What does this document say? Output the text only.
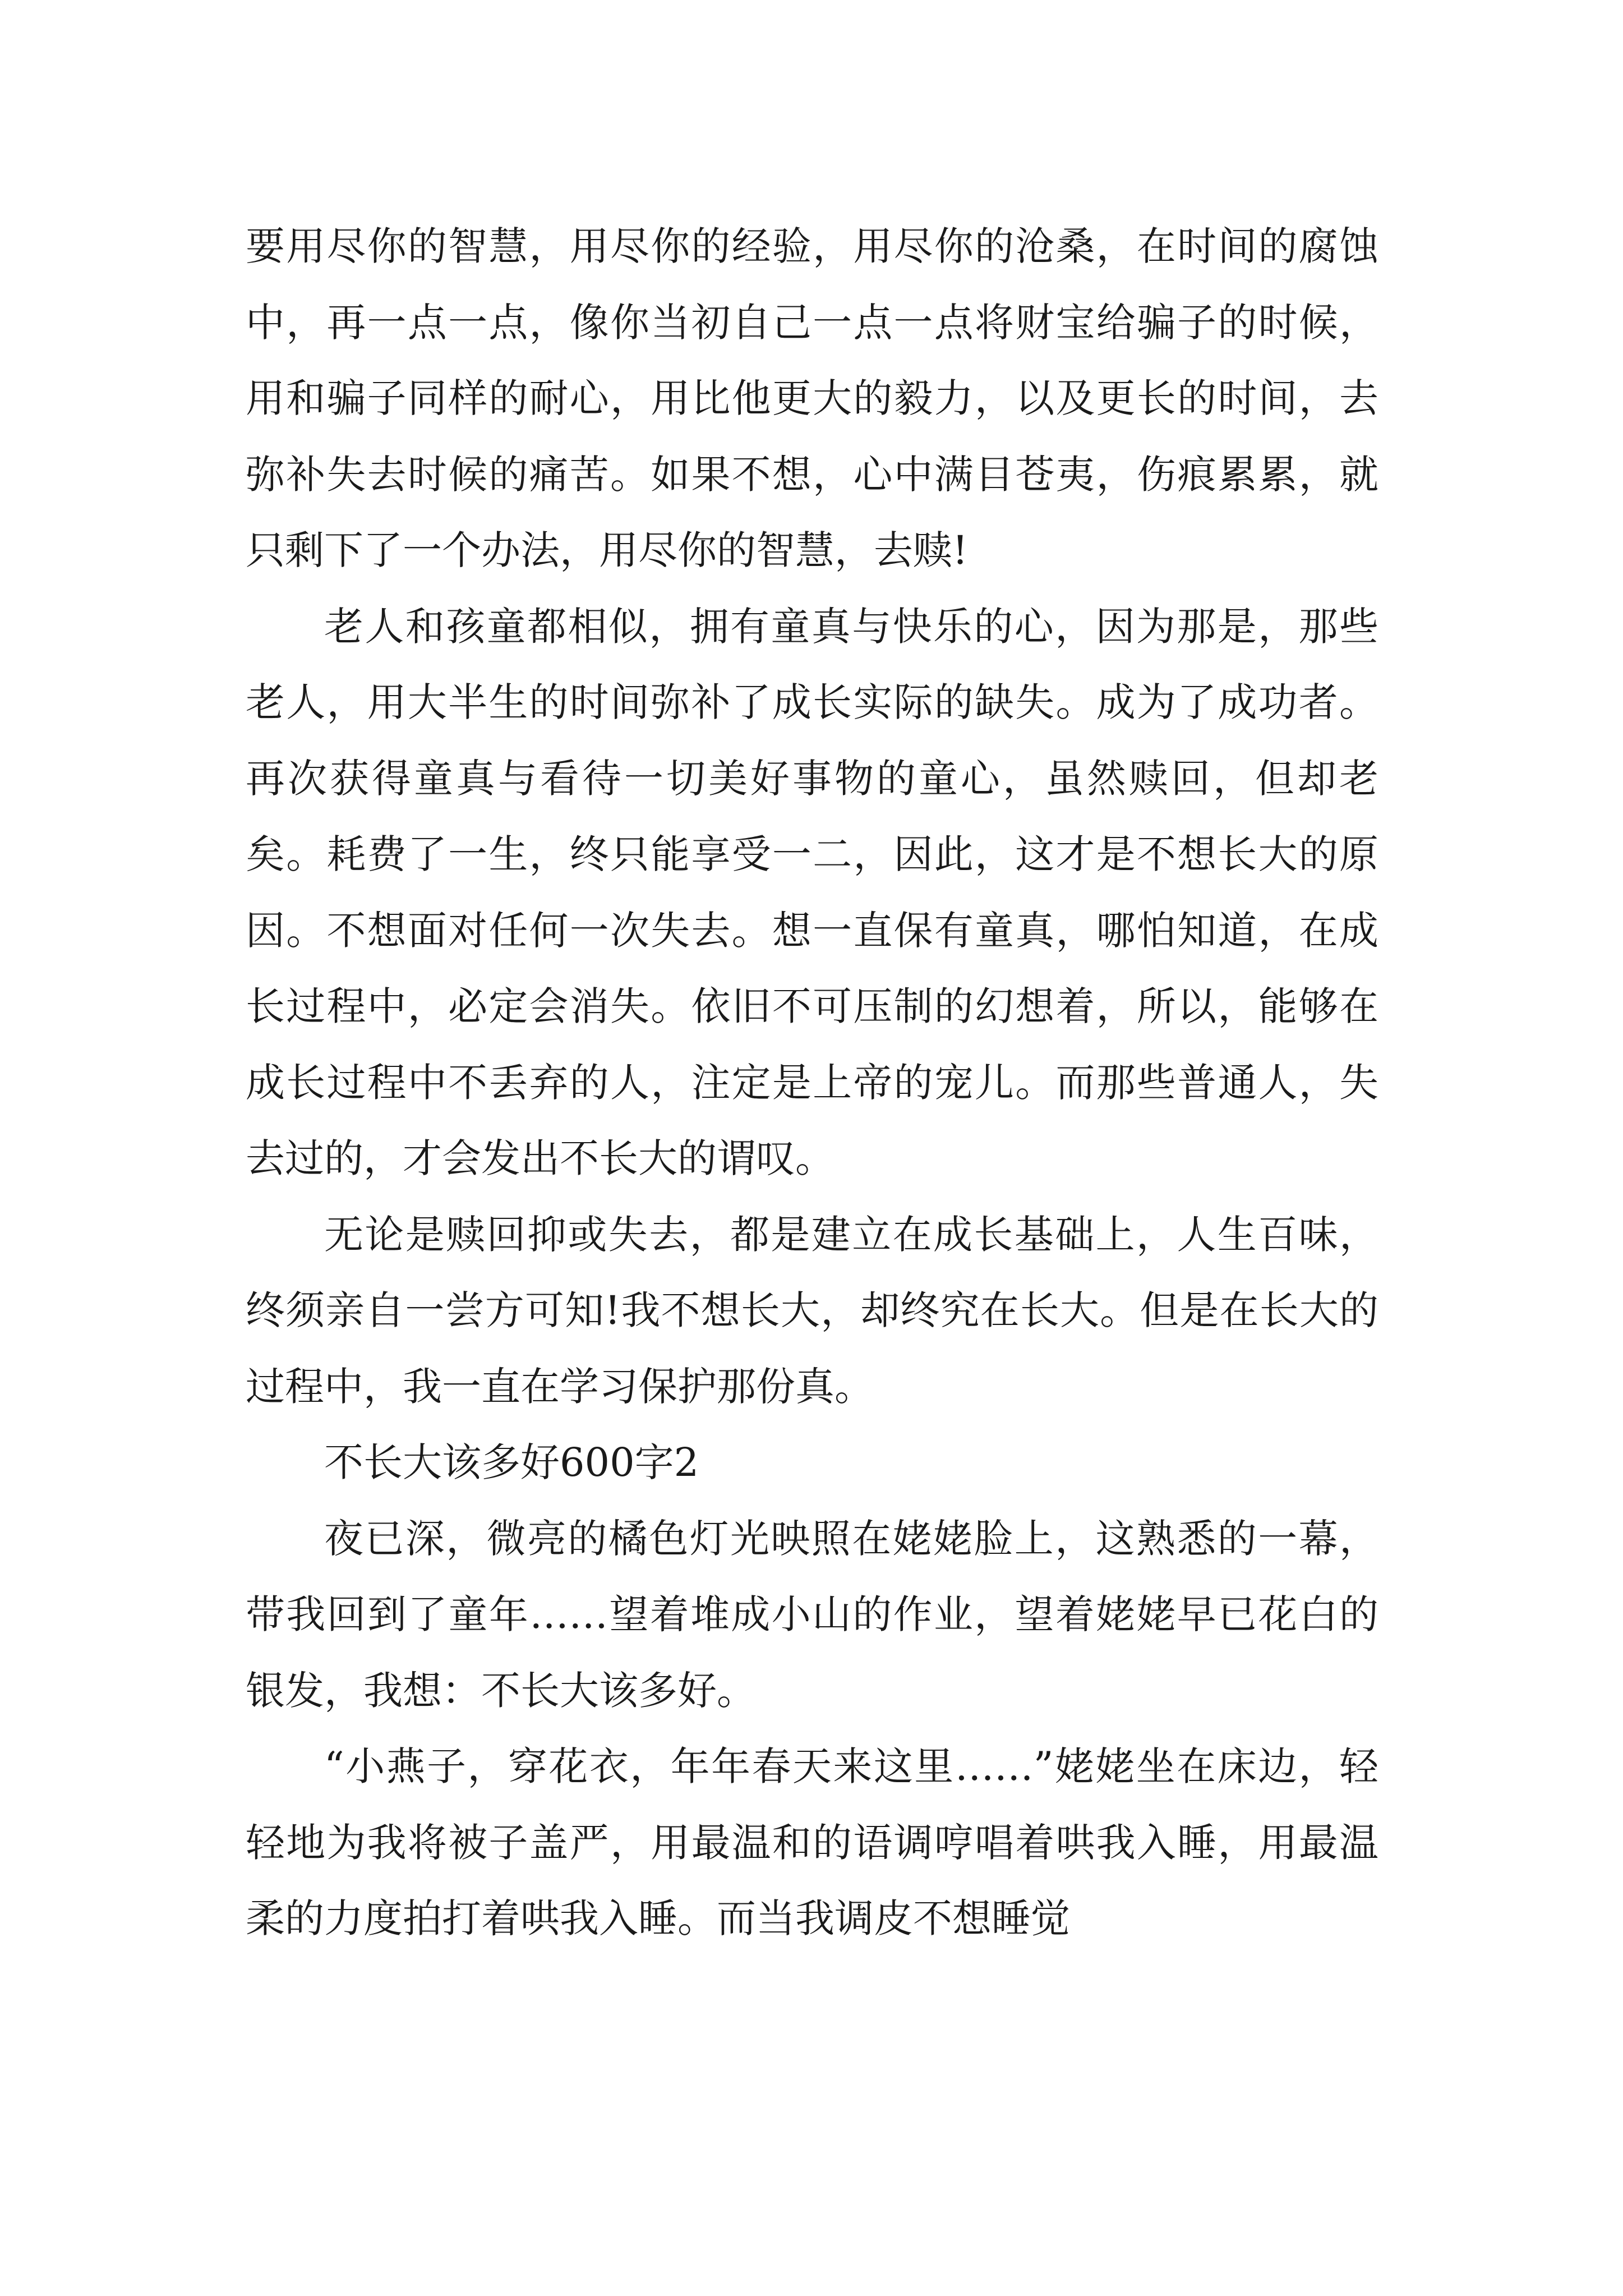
要用尽你的智慧，用尽你的经验，用尽你的沧桑，在时间的腐蚀中，再一点一点，像你当初自己一点一点将财宝给骗子的时候，用和骗子同样的耐心，用比他更大的毅力，以及更长的时间，去弥补失去时候的痛苦。如果不想，心中满目苍夷，伤痕累累，就只剩下了一个办法，用尽你的智慧，去赎!

老人和孩童都相似，拥有童真与快乐的心，因为那是，那些老人，用大半生的时间弥补了成长实际的缺失。成为了成功者。再次获得童真与看待一切美好事物的童心，虽然赎回，但却老矣。耗费了一生，终只能享受一二，因此，这才是不想长大的原因。不想面对任何一次失去。想一直保有童真，哪怕知道，在成长过程中，必定会消失。依旧不可压制的幻想着，所以，能够在成长过程中不丢弃的人，注定是上帝的宠儿。而那些普通人，失去过的，才会发出不长大的谓叹。

无论是赎回抑或失去，都是建立在成长基础上，人生百味，终须亲自一尝方可知!我不想长大，却终究在长大。但是在长大的过程中，我一直在学习保护那份真。

不长大该多好600字2

夜已深，微亮的橘色灯光映照在姥姥脸上，这熟悉的一幕，带我回到了童年……望着堆成小山的作业，望着姥姥早已花白的银发，我想：不长大该多好。

“小燕子，穿花衣，年年春天来这里……”姥姥坐在床边，轻轻地为我将被子盖严，用最温和的语调哼唱着哄我入睡，用最温柔的力度拍打着哄我入睡。而当我调皮不想睡觉
